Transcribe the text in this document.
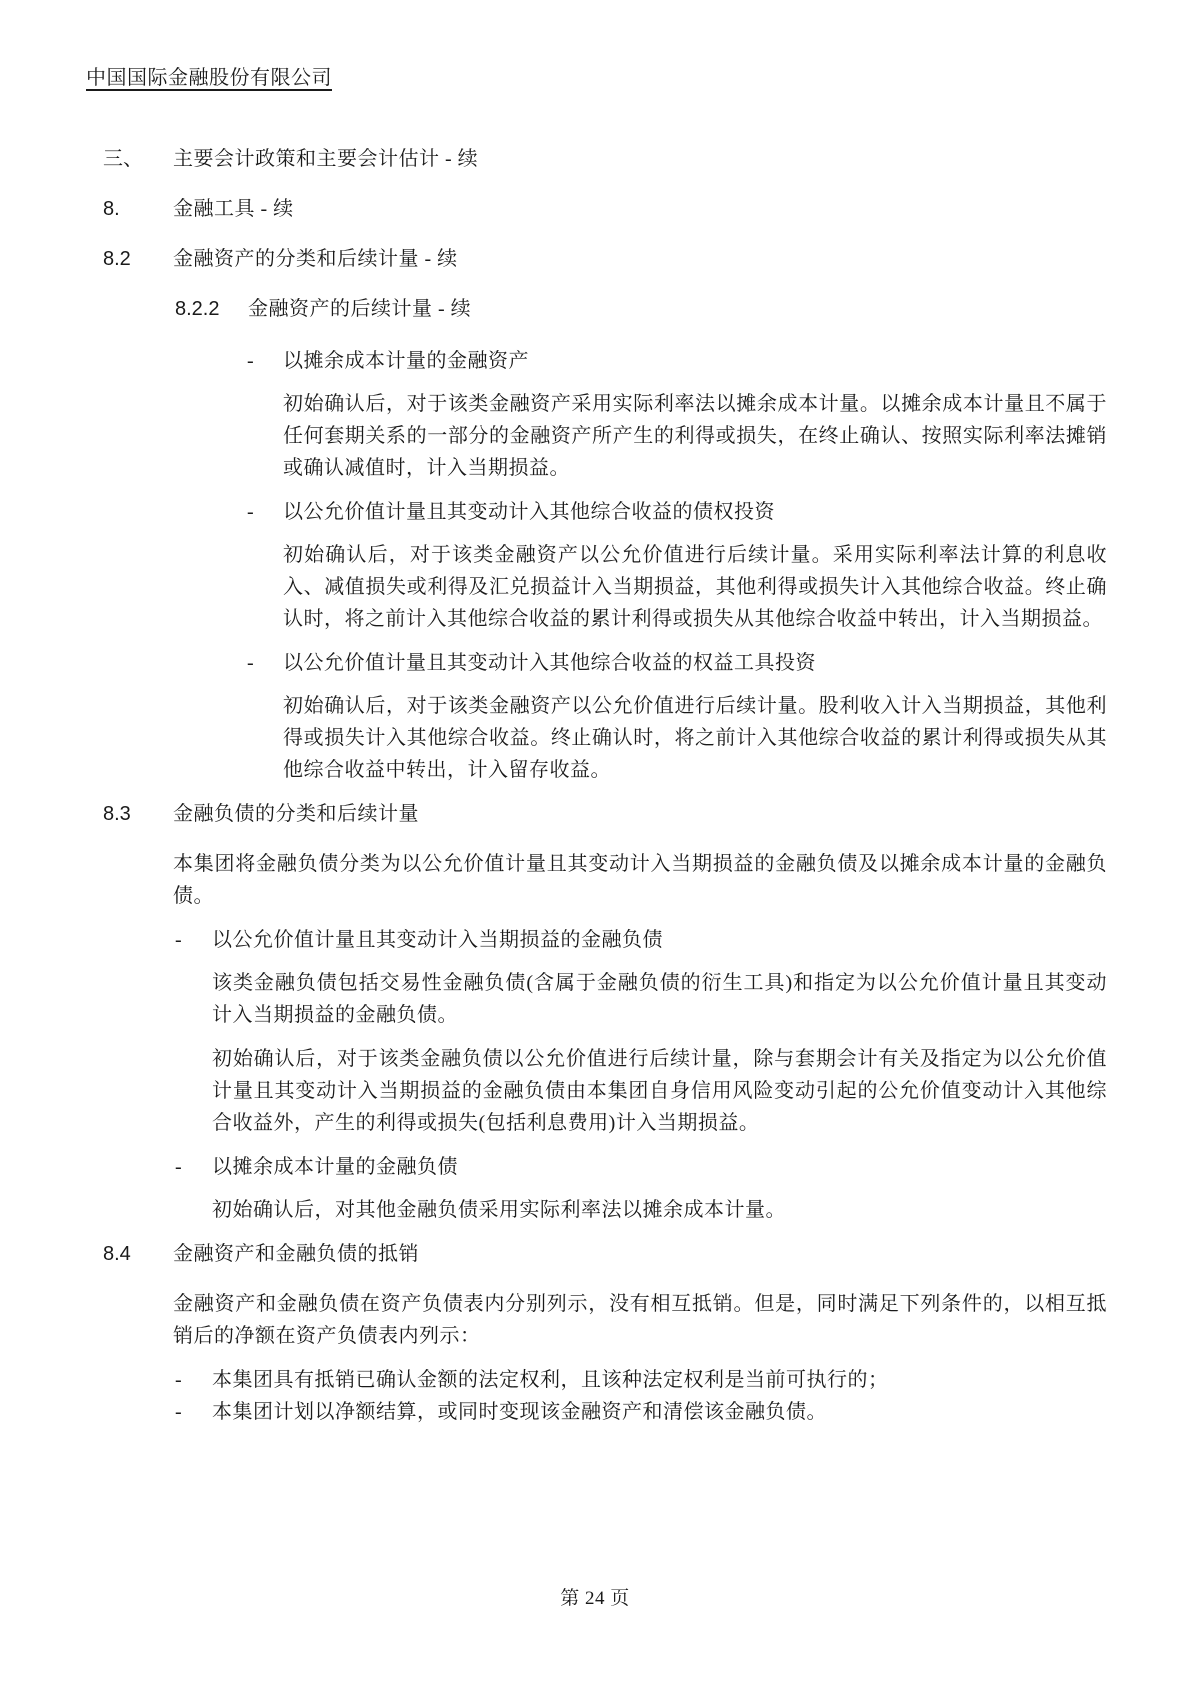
中国国际金融股份有限公司
三、	主要会计政策和主要会计估计 - 续
8.	金融工具 - 续
8.2	金融资产的分类和后续计量 - 续
8.2.2	金融资产的后续计量 - 续
-	以摊余成本计量的金融资产
初始确认后，对于该类金融资产采用实际利率法以摊余成本计量。以摊余成本计量且不属于任何套期关系的一部分的金融资产所产生的利得或损失，在终止确认、按照实际利率法摊销或确认减值时，计入当期损益。
-	以公允价值计量且其变动计入其他综合收益的债权投资
初始确认后，对于该类金融资产以公允价值进行后续计量。采用实际利率法计算的利息收入、减值损失或利得及汇兑损益计入当期损益，其他利得或损失计入其他综合收益。终止确认时，将之前计入其他综合收益的累计利得或损失从其他综合收益中转出，计入当期损益。
-	以公允价值计量且其变动计入其他综合收益的权益工具投资
初始确认后，对于该类金融资产以公允价值进行后续计量。股利收入计入当期损益，其他利得或损失计入其他综合收益。终止确认时，将之前计入其他综合收益的累计利得或损失从其他综合收益中转出，计入留存收益。
8.3	金融负债的分类和后续计量
本集团将金融负债分类为以公允价值计量且其变动计入当期损益的金融负债及以摊余成本计量的金融负债。
-	以公允价值计量且其变动计入当期损益的金融负债
该类金融负债包括交易性金融负债(含属于金融负债的衍生工具)和指定为以公允价值计量且其变动计入当期损益的金融负债。
初始确认后，对于该类金融负债以公允价值进行后续计量，除与套期会计有关及指定为以公允价值计量且其变动计入当期损益的金融负债由本集团自身信用风险变动引起的公允价值变动计入其他综合收益外，产生的利得或损失(包括利息费用)计入当期损益。
-	以摊余成本计量的金融负债
初始确认后，对其他金融负债采用实际利率法以摊余成本计量。
8.4	金融资产和金融负债的抵销
金融资产和金融负债在资产负债表内分别列示，没有相互抵销。但是，同时满足下列条件的，以相互抵销后的净额在资产负债表内列示：
-	本集团具有抵销已确认金额的法定权利，且该种法定权利是当前可执行的；
-	本集团计划以净额结算，或同时变现该金融资产和清偿该金融负债。
第 24 页
